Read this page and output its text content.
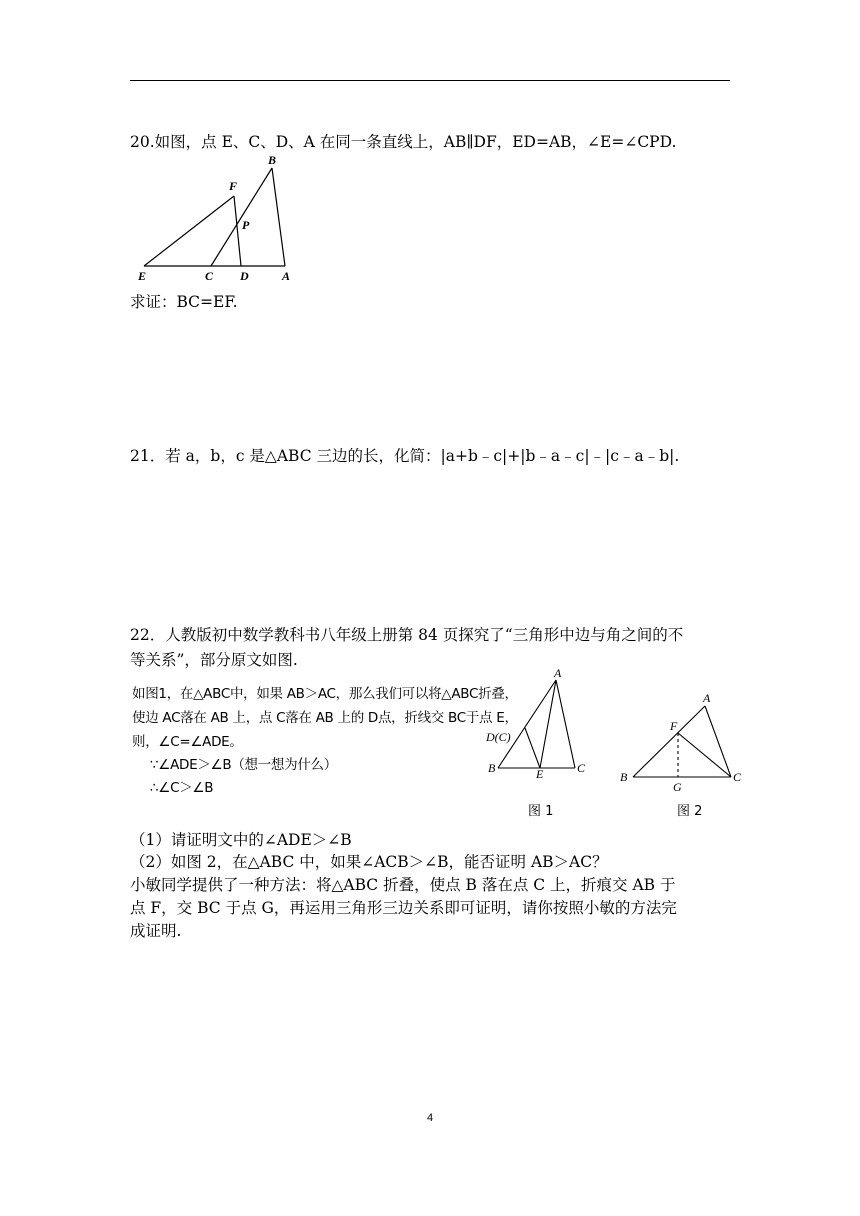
20.如图，点 E、C、D、A 在同一条直线上，AB∥DF，ED=AB，∠E=∠CPD.
B
F
P
E	C D	A
求证：BC=EF.
21．若 a，b，c 是△ABC 三边的长，化简：|a+b﹣c|+|b﹣a﹣c|﹣|c﹣a﹣b|.
22．人教版初中数学教科书八年级上册第 84 页探究了“三角形中边与角之间的不
等关系”，部分原文如图.
如图1，在△ABC中，如果 AB＞AC，那么我们可以将△ABC折叠，
使边 AC落在 AB 上，点 C落在 AB 上的 D点，折线交 BC于点 E，
则，∠C=∠ADE。
∵∠ADE＞∠B（想一想为什么）
∴∠C＞∠B
A
D(C)
B	E	C
图 1
A
F
B
G
C
图 2
（1）请证明文中的∠ADE＞∠B
（2）如图 2，在△ABC 中，如果∠ACB＞∠B，能否证明 AB＞AC？
小敏同学提供了一种方法：将△ABC 折叠，使点 B 落在点 C 上，折痕交 AB 于
点 F，交 BC 于点 G，再运用三角形三边关系即可证明，请你按照小敏的方法完
成证明.
4
